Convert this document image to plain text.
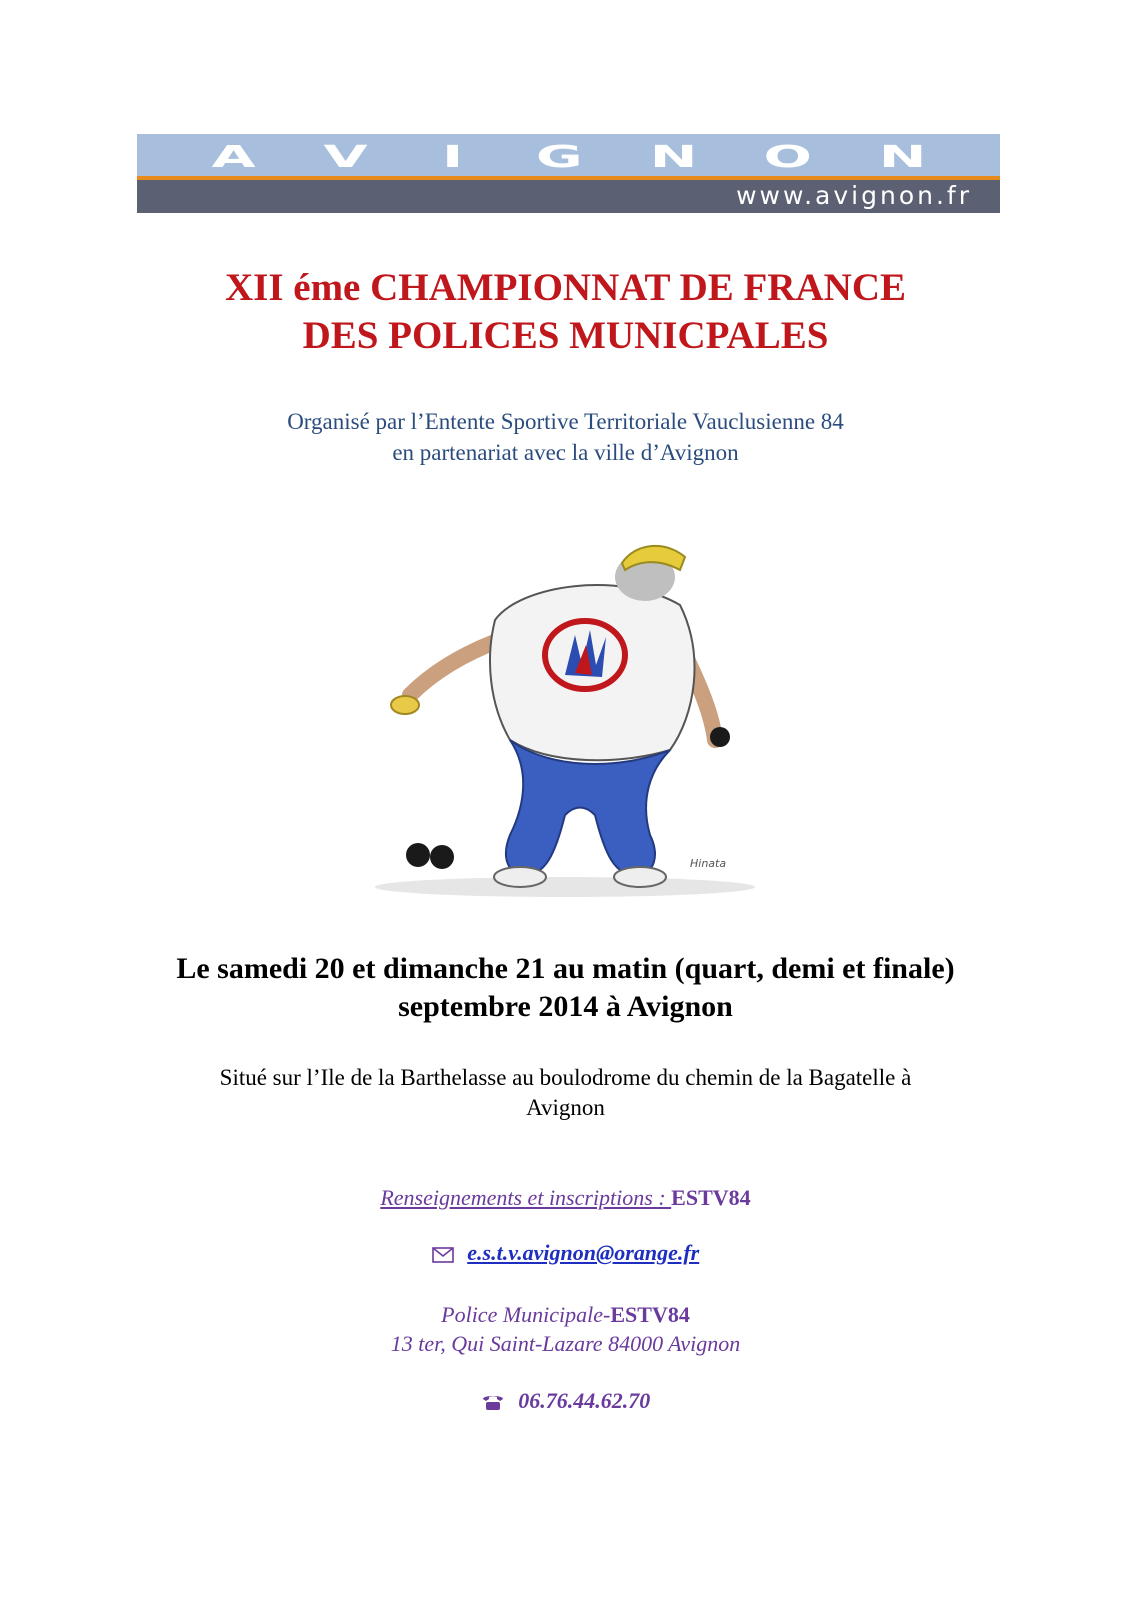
A V I G N O N
www.avignon.fr
XII éme CHAMPIONNAT DE FRANCE
DES POLICES MUNICPALES
Organisé par l’Entente Sportive Territoriale Vauclusienne 84
en partenariat avec la ville d’Avignon
Hinata
Le samedi 20 et dimanche 21 au matin (quart, demi et finale)
septembre 2014 à Avignon
Situé sur l’Ile de la Barthelasse au boulodrome du chemin de la Bagatelle à
Avignon
Renseignements et inscriptions : ESTV84
e.s.t.v.avignon@orange.fr
Police Municipale-ESTV84
13 ter, Qui Saint-Lazare 84000 Avignon
06.76.44.62.70
